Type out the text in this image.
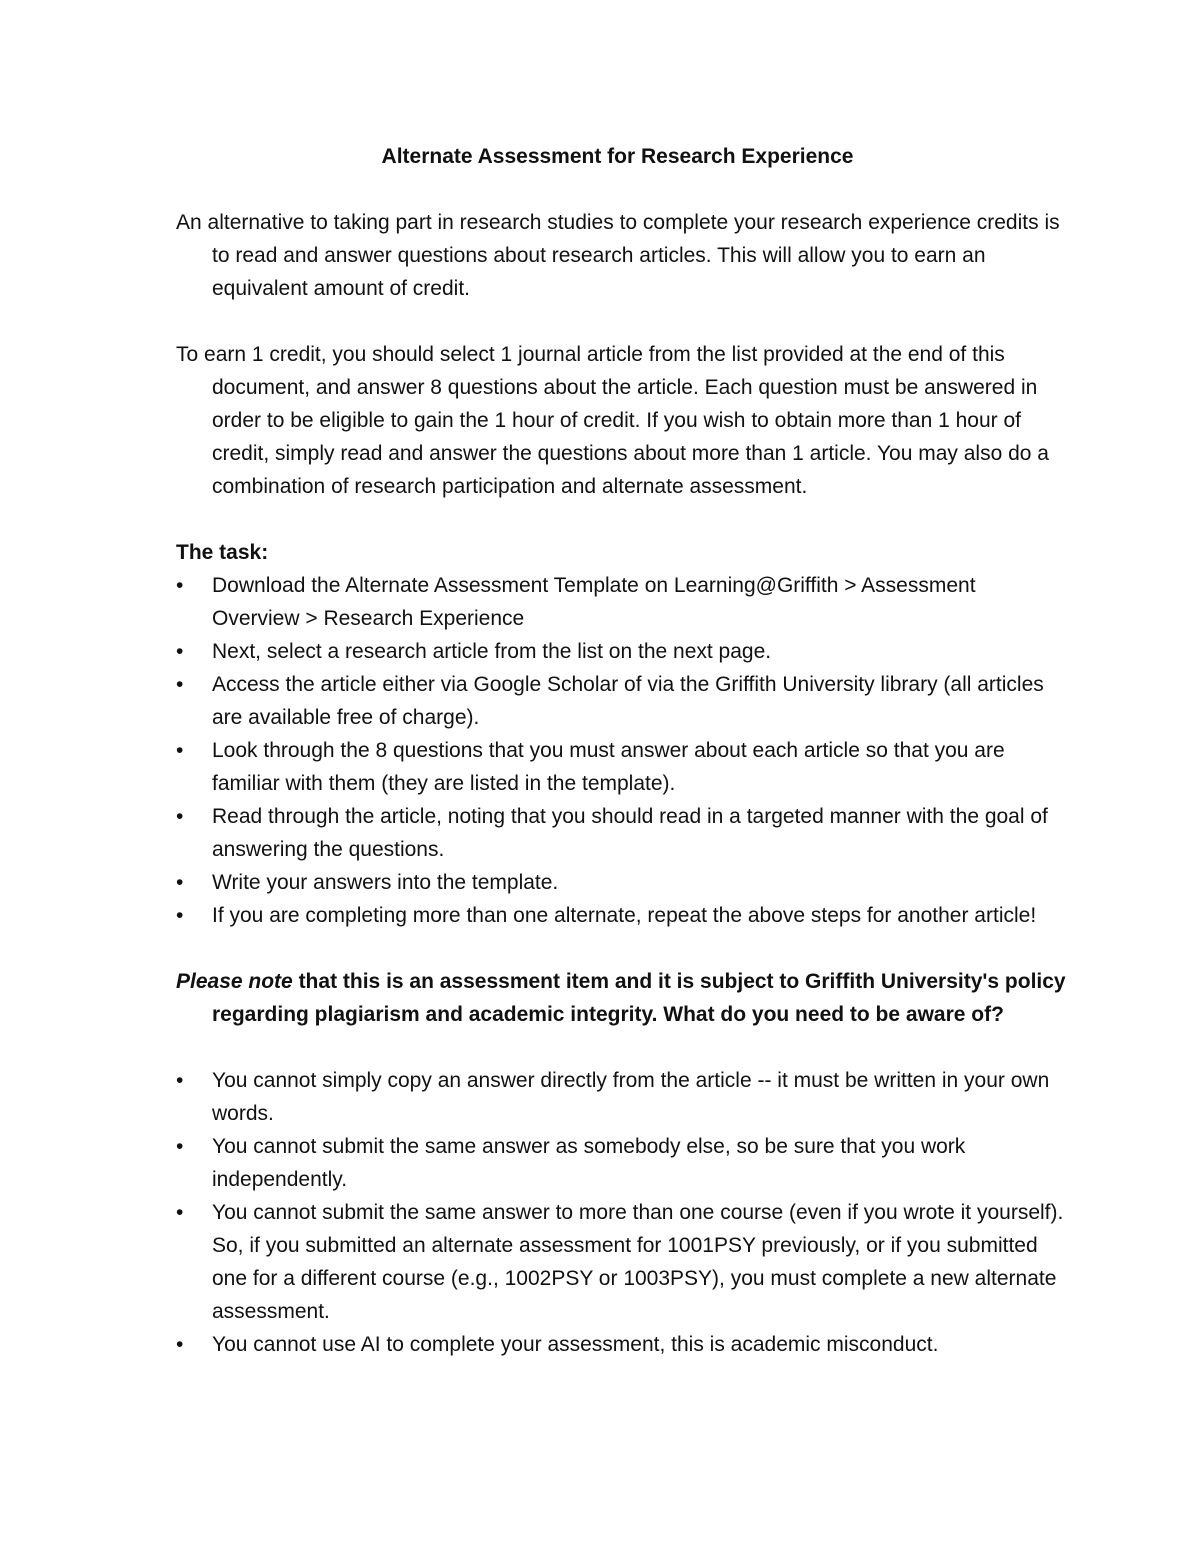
Alternate Assessment for Research Experience

An alternative to taking part in research studies to complete your research experience credits is to read and answer questions about research articles. This will allow you to earn an equivalent amount of credit.

To earn 1 credit, you should select 1 journal article from the list provided at the end of this document, and answer 8 questions about the article. Each question must be answered in order to be eligible to gain the 1 hour of credit. If you wish to obtain more than 1 hour of credit, simply read and answer the questions about more than 1 article. You may also do a combination of research participation and alternate assessment.

The task:

•	Download the Alternate Assessment Template on Learning@Griffith > Assessment Overview > Research Experience
•	Next, select a research article from the list on the next page.
•	Access the article either via Google Scholar of via the Griffith University library (all articles are available free of charge).
•	Look through the 8 questions that you must answer about each article so that you are familiar with them (they are listed in the template).
•	Read through the article, noting that you should read in a targeted manner with the goal of answering the questions.
•	Write your answers into the template.
•	If you are completing more than one alternate, repeat the above steps for another article!

Please note that this is an assessment item and it is subject to Griffith University's policy regarding plagiarism and academic integrity. What do you need to be aware of?

•	You cannot simply copy an answer directly from the article -- it must be written in your own words.
•	You cannot submit the same answer as somebody else, so be sure that you work independently.
•	You cannot submit the same answer to more than one course (even if you wrote it yourself). So, if you submitted an alternate assessment for 1001PSY previously, or if you submitted one for a different course (e.g., 1002PSY or 1003PSY), you must complete a new alternate assessment.
•	You cannot use AI to complete your assessment, this is academic misconduct.
